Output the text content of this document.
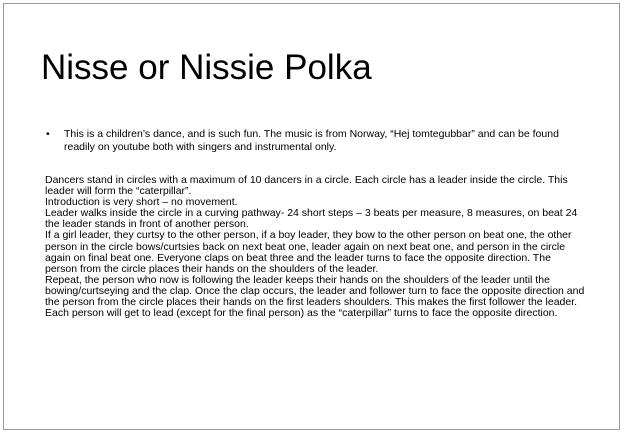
Nisse or Nissie Polka
• This is a children’s dance, and is such fun. The music is from Norway, “Hej tomtegubbar” and can be found readily on youtube both with singers and instrumental only.

Dancers stand in circles with a maximum of 10 dancers in a circle. Each circle has a leader inside the circle. This leader will form the “caterpillar”.

Introduction is very short – no movement.

Leader walks inside the circle in a curving pathway- 24 short steps – 3 beats per measure, 8 measures, on beat 24 the leader stands in front of another person.

If a girl leader, they curtsy to the other person, if a boy leader, they bow to the other person on beat one, the other person in the circle bows/curtsies back on next beat one, leader again on next beat one, and person in the circle again on final beat one. Everyone claps on beat three and the leader turns to face the opposite direction. The person from the circle places their hands on the shoulders of the leader.

Repeat, the person who now is following the leader keeps their hands on the shoulders of the leader until the bowing/curtseying and the clap. Once the clap occurs, the leader and follower turn to face the opposite direction and the person from the circle places their hands on the first leaders shoulders. This makes the first follower the leader. Each person will get to lead (except for the final person) as the “caterpillar” turns to face the opposite direction.
